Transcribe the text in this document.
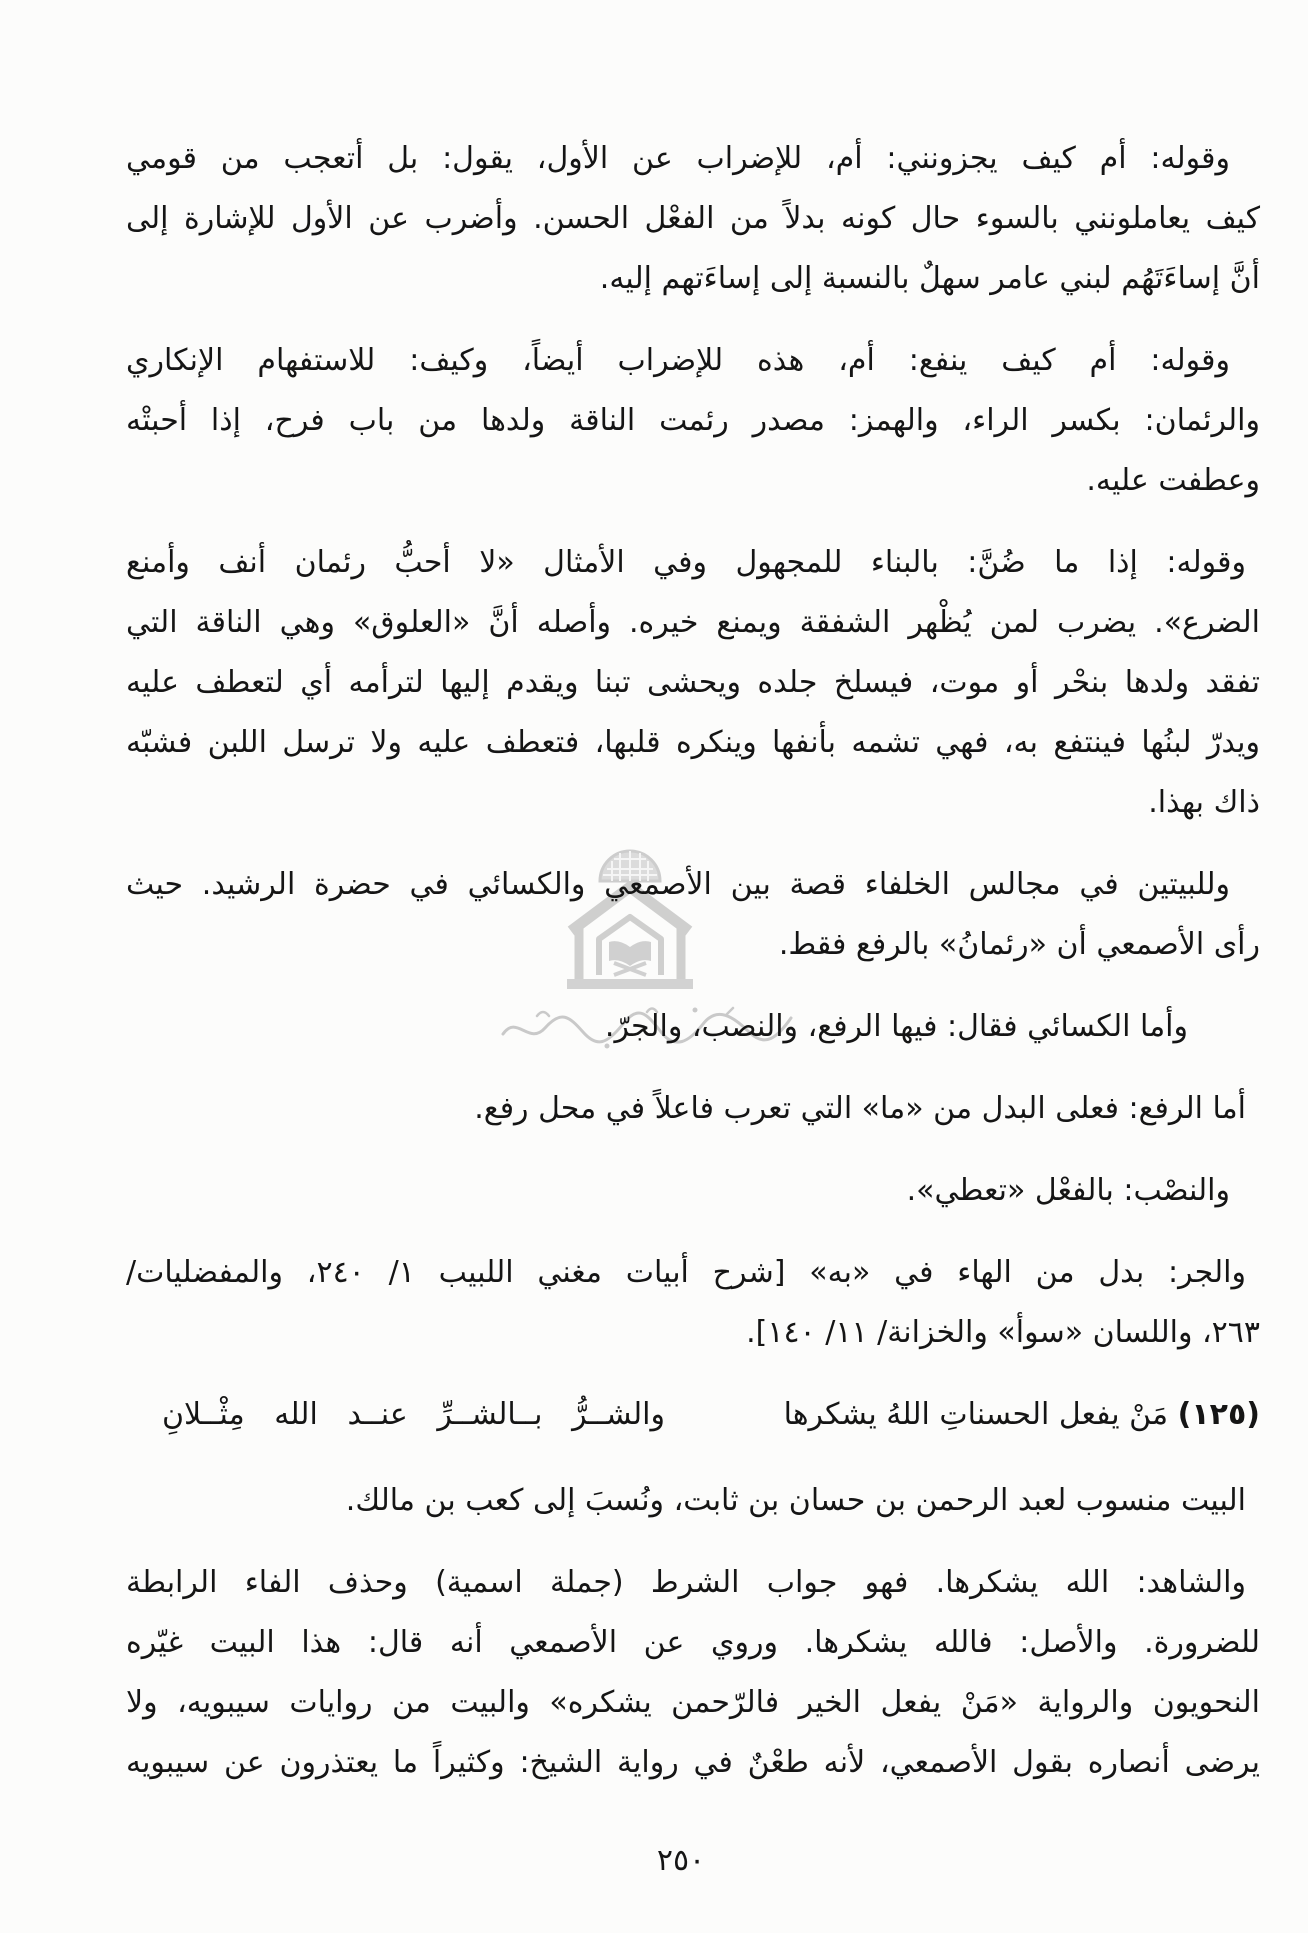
وقوله: أم كيف يجزونني: أم، للإضراب عن الأول، يقول: بل أتعجب من قومي
كيف يعاملونني بالسوء حال كونه بدلاً من الفعْل الحسن. وأضرب عن الأول للإشارة إلى
أنَّ إساءَتَهُم لبني عامر سهلٌ بالنسبة إلى إساءَتهم إليه.
وقوله: أم كيف ينفع: أم، هذه للإضراب أيضاً، وكيف: للاستفهام الإنكاري
والرئمان: بكسر الراء، والهمز: مصدر رئمت الناقة ولدها من باب فرح، إذا أحبتْه
وعطفت عليه.
وقوله: إذا ما ضُنَّ: بالبناء للمجهول وفي الأمثال «لا أحبُّ رئمان أنف وأمنع
الضرع». يضرب لمن يُظْهر الشفقة ويمنع خيره. وأصله أنَّ «العلوق» وهي الناقة التي
تفقد ولدها بنحْر أو موت، فيسلخ جلده ويحشى تبنا ويقدم إليها لترأمه أي لتعطف عليه
ويدرّ لبنُها فينتفع به، فهي تشمه بأنفها وينكره قلبها، فتعطف عليه ولا ترسل اللبن فشبّه
ذاك بهذا.
وللبيتين في مجالس الخلفاء قصة بين الأصمعي والكسائي في حضرة الرشيد. حيث
رأى الأصمعي أن «رئمانُ» بالرفع فقط.
وأما الكسائي فقال: فيها الرفع، والنصب، والجرّ.
أما الرفع: فعلى البدل من «ما» التي تعرب فاعلاً في محل رفع.
والنصْب: بالفعْل «تعطي».
والجر: بدل من الهاء في «به» [شرح أبيات مغني اللبيب ١/ ٢٤٠، والمفضليات/
٢٦٣، واللسان «سوأ» والخزانة/ ١١/ ١٤٠].
(١٢٥) مَنْ يفعل الحسناتِ اللهُ يشكرها
والشــرُّ بــالشــرِّ عنــد الله مِثْــلانِ
البيت منسوب لعبد الرحمن بن حسان بن ثابت، ونُسبَ إلى كعب بن مالك.
والشاهد: الله يشكرها. فهو جواب الشرط (جملة اسمية) وحذف الفاء الرابطة
للضرورة. والأصل: فالله يشكرها. وروي عن الأصمعي أنه قال: هذا البيت غيّره
النحويون والرواية «مَنْ يفعل الخير فالرّحمن يشكره» والبيت من روايات سيبويه، ولا
يرضى أنصاره بقول الأصمعي، لأنه طعْنٌ في رواية الشيخ: وكثيراً ما يعتذرون عن سيبويه
٢٥٠
